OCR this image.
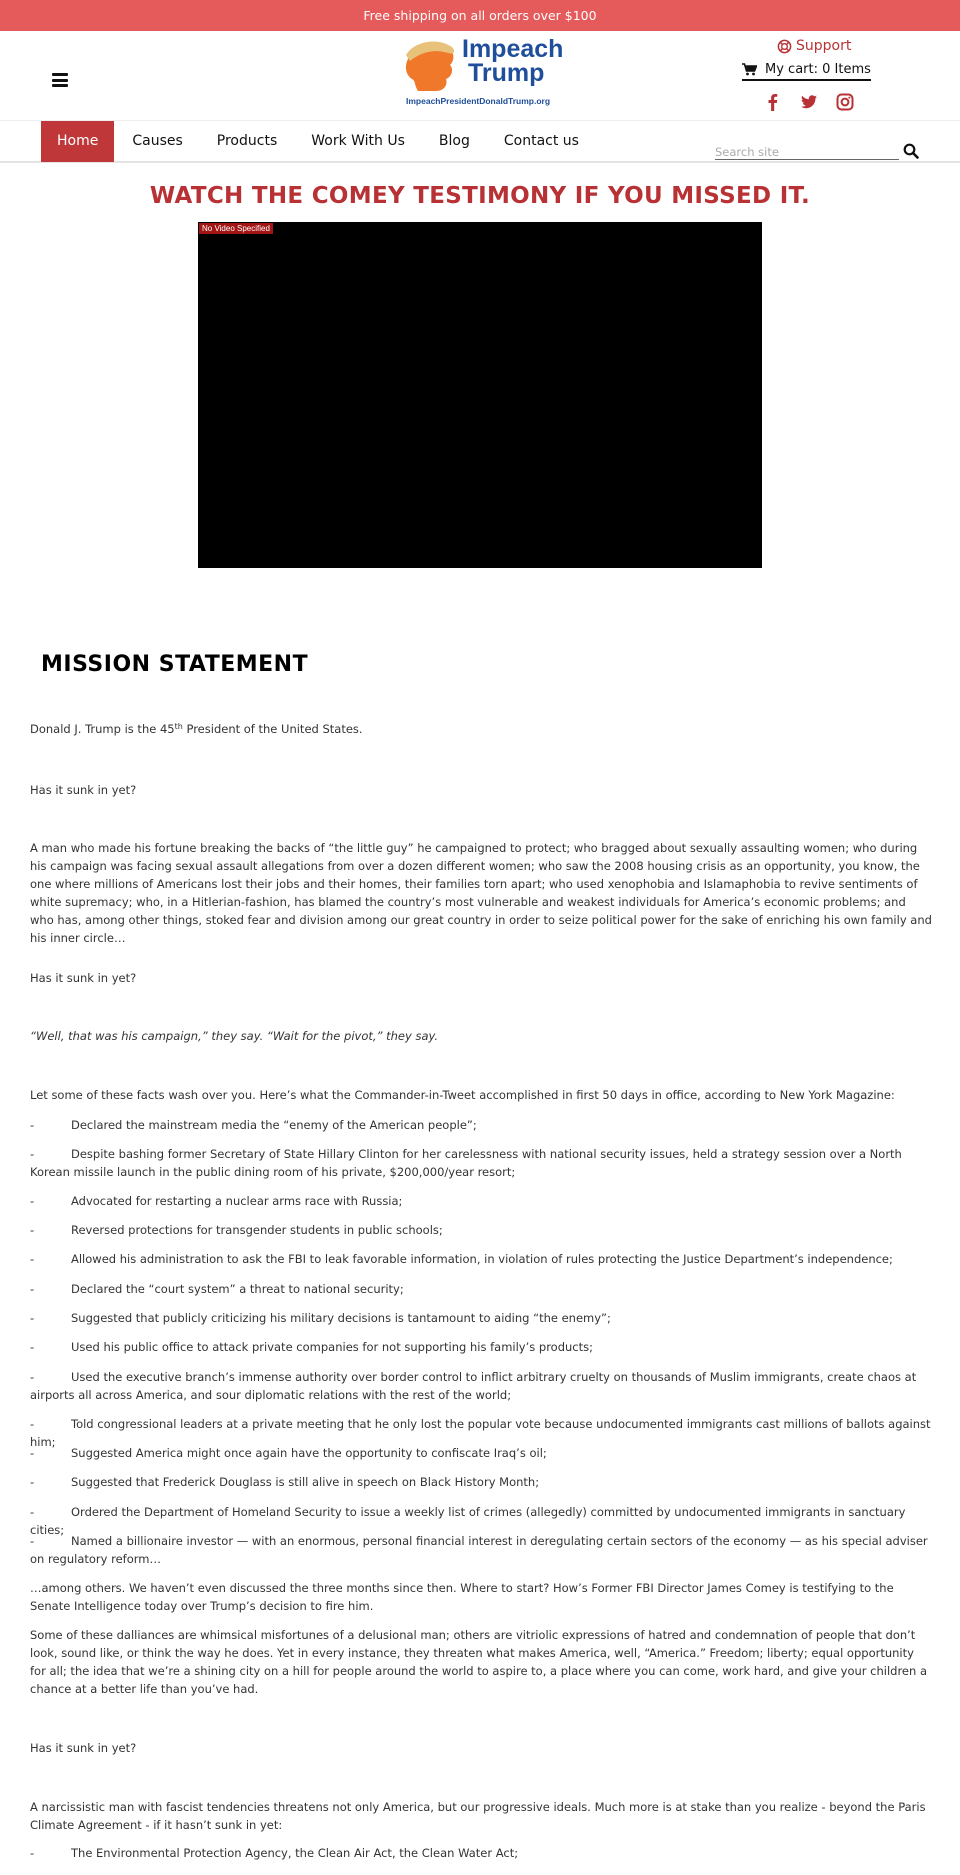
Free shipping on all orders over $100
Impeach
Trump
ImpeachPresidentDonaldTrump.org
Support
My cart: 0 Items
Home	Causes	Products	Work With Us	Blog	Contact us
Search site
WATCH THE COMEY TESTIMONY IF YOU MISSED IT.
No Video Specified
MISSION STATEMENT

Donald J. Trump is the 45th President of the United States.

Has it sunk in yet?

A man who made his fortune breaking the backs of “the little guy” he campaigned to protect; who bragged about sexually assaulting women; who during his campaign was facing sexual assault allegations from over a dozen different women; who saw the 2008 housing crisis as an opportunity, you know, the one where millions of Americans lost their jobs and their homes, their families torn apart; who used xenophobia and Islamaphobia to revive sentiments of white supremacy; who, in a Hitlerian-fashion, has blamed the country’s most vulnerable and weakest individuals for America’s economic problems; and who has, among other things, stoked fear and division among our great country in order to seize political power for the sake of enriching his own family and his inner circle…

Has it sunk in yet?

“Well, that was his campaign,” they say. “Wait for the pivot,” they say.

Let some of these facts wash over you. Here’s what the Commander-in-Tweet accomplished in first 50 days in office, according to New York Magazine:

-	Declared the mainstream media the “enemy of the American people”;
-	Despite bashing former Secretary of State Hillary Clinton for her carelessness with national security issues, held a strategy session over a North Korean missile launch in the public dining room of his private, $200,000/year resort;
-	Advocated for restarting a nuclear arms race with Russia;
-	Reversed protections for transgender students in public schools;
-	Allowed his administration to ask the FBI to leak favorable information, in violation of rules protecting the Justice Department’s independence;
-	Declared the “court system” a threat to national security;
-	Suggested that publicly criticizing his military decisions is tantamount to aiding “the enemy”;
-	Used his public office to attack private companies for not supporting his family’s products;
-	Used the executive branch’s immense authority over border control to inflict arbitrary cruelty on thousands of Muslim immigrants, create chaos at airports all across America, and sour diplomatic relations with the rest of the world;
-	Told congressional leaders at a private meeting that he only lost the popular vote because undocumented immigrants cast millions of ballots against him;
-	Suggested America might once again have the opportunity to confiscate Iraq’s oil;
-	Suggested that Frederick Douglass is still alive in speech on Black History Month;
-	Ordered the Department of Homeland Security to issue a weekly list of crimes (allegedly) committed by undocumented immigrants in sanctuary cities;
-	Named a billionaire investor — with an enormous, personal financial interest in deregulating certain sectors of the economy — as his special adviser on regulatory reform…

…among others. We haven’t even discussed the three months since then. Where to start? How’s Former FBI Director James Comey is testifying to the Senate Intelligence today over Trump’s decision to fire him.

Some of these dalliances are whimsical misfortunes of a delusional man; others are vitriolic expressions of hatred and condemnation of people that don’t look, sound like, or think the way he does. Yet in every instance, they threaten what makes America, well, “America.” Freedom; liberty; equal opportunity for all; the idea that we’re a shining city on a hill for people around the world to aspire to, a place where you can come, work hard, and give your children a chance at a better life than you’ve had.

Has it sunk in yet?

A narcissistic man with fascist tendencies threatens not only America, but our progressive ideals. Much more is at stake than you realize - beyond the Paris Climate Agreement - if it hasn’t sunk in yet:

-	The Environmental Protection Agency, the Clean Air Act, the Clean Water Act;
